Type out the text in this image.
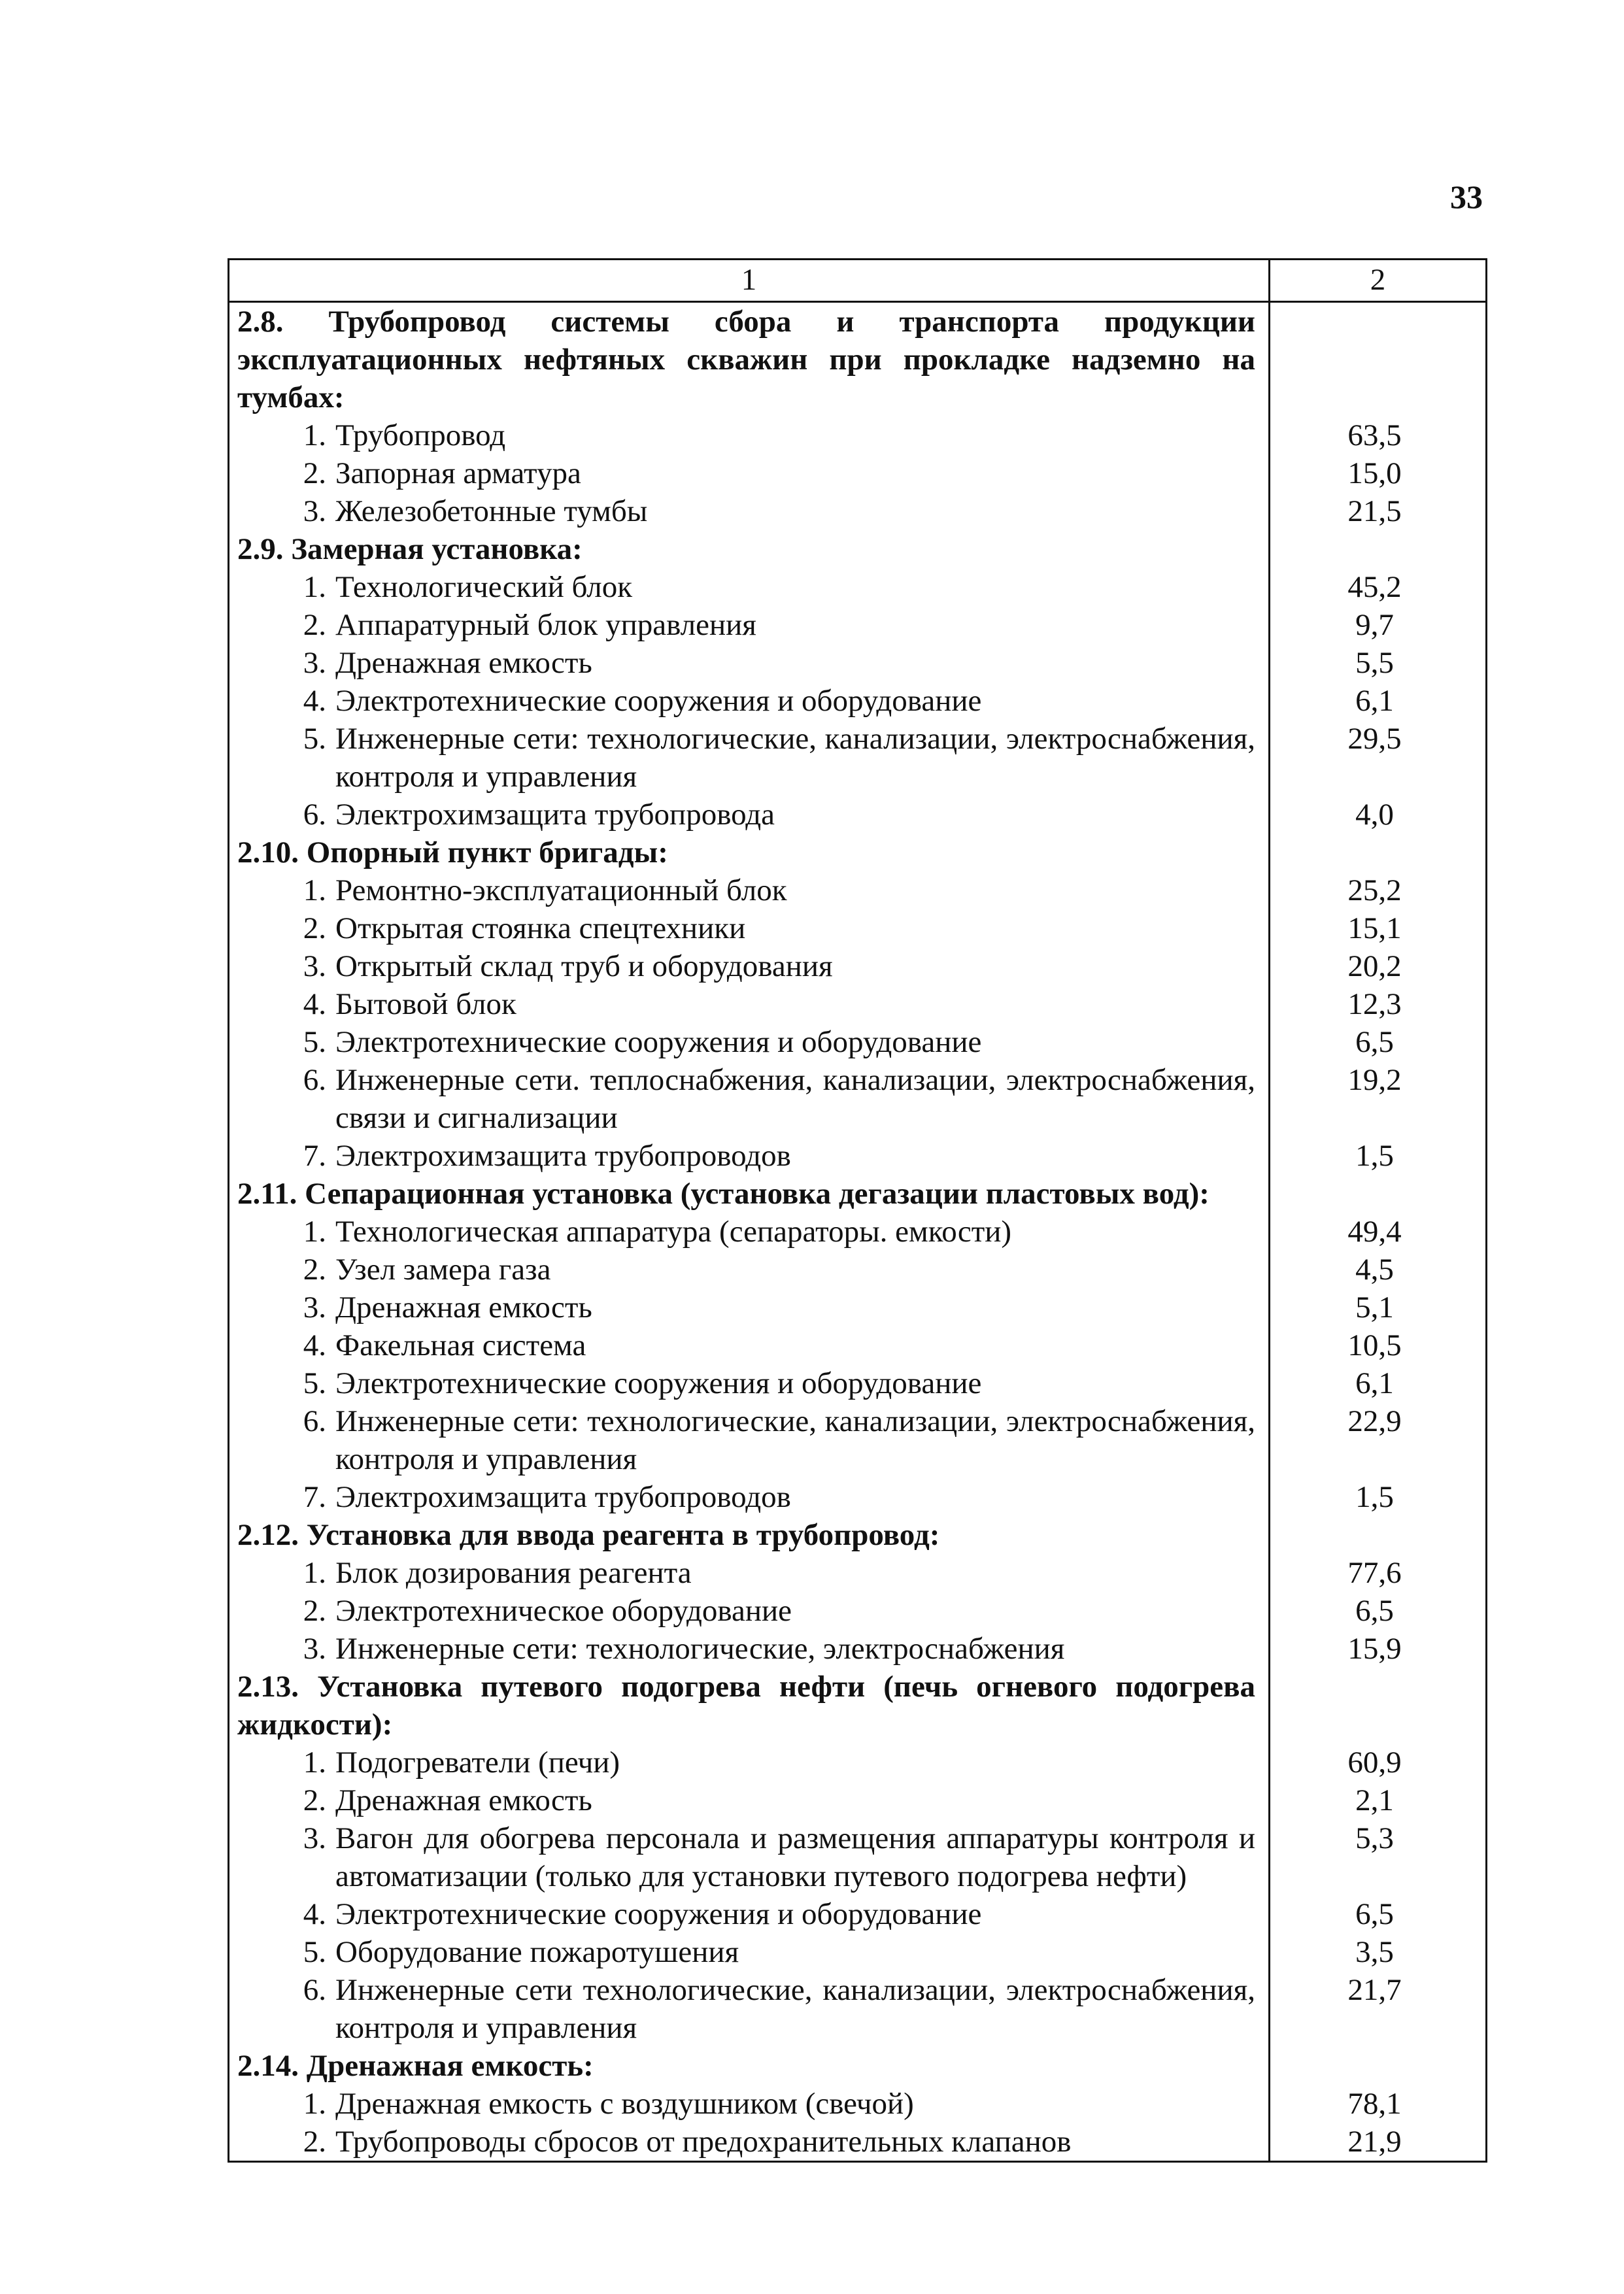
33
1	2
2.8. Трубопровод системы сбора и транспорта продукции эксплуатационных нефтяных скважин при прокладке надземно на тумбах:	

1. Трубопровод	63,5

2. Запорная арматура	15,0

3. Железобетонные тумбы	21,5
2.9. Замерная установка:	

1. Технологический блок	45,2

2. Аппаратурный блок управления	9,7

3. Дренажная емкость	5,5

4. Электротехнические сооружения и оборудование	6,1

5. Инженерные сети: технологические, канализации, электроснабжения, контроля и управления	29,5

6. Электрохимзащита трубопровода	4,0
2.10. Опорный пункт бригады:	

1. Ремонтно-эксплуатационный блок	25,2

2. Открытая стоянка спецтехники	15,1

3. Открытый склад труб и оборудования	20,2

4. Бытовой блок	12,3

5. Электротехнические сооружения и оборудование	6,5

6. Инженерные сети. теплоснабжения, канализации, электроснабжения, связи и сигнализации	19,2

7. Электрохимзащита трубопроводов	1,5
2.11. Сепарационная установка (установка дегазации пластовых вод):	

1. Технологическая аппаратура (сепараторы. емкости)	49,4

2. Узел замера газа	4,5

3. Дренажная емкость	5,1

4. Факельная система	10,5

5. Электротехнические сооружения и оборудование	6,1

6. Инженерные сети: технологические, канализации, электроснабжения, контроля и управления	22,9

7. Электрохимзащита трубопроводов	1,5
2.12. Установка для ввода реагента в трубопровод:	

1. Блок дозирования реагента	77,6

2. Электротехническое оборудование	6,5

3. Инженерные сети: технологические, электроснабжения	15,9
2.13. Установка путевого подогрева нефти (печь огневого подогрева жидкости):	

1. Подогреватели (печи)	60,9

2. Дренажная емкость	2,1

3. Вагон для обогрева персонала и размещения аппаратуры контроля и автоматизации (только для установки путевого подогрева нефти)	5,3

4. Электротехнические сооружения и оборудование	6,5

5. Оборудование пожаротушения	3,5

6. Инженерные сети технологические, канализации, электроснабжения, контроля и управления	21,7
2.14. Дренажная емкость:	

1. Дренажная емкость с воздушником (свечой)	78,1

2. Трубопроводы сбросов от предохранительных клапанов	21,9
